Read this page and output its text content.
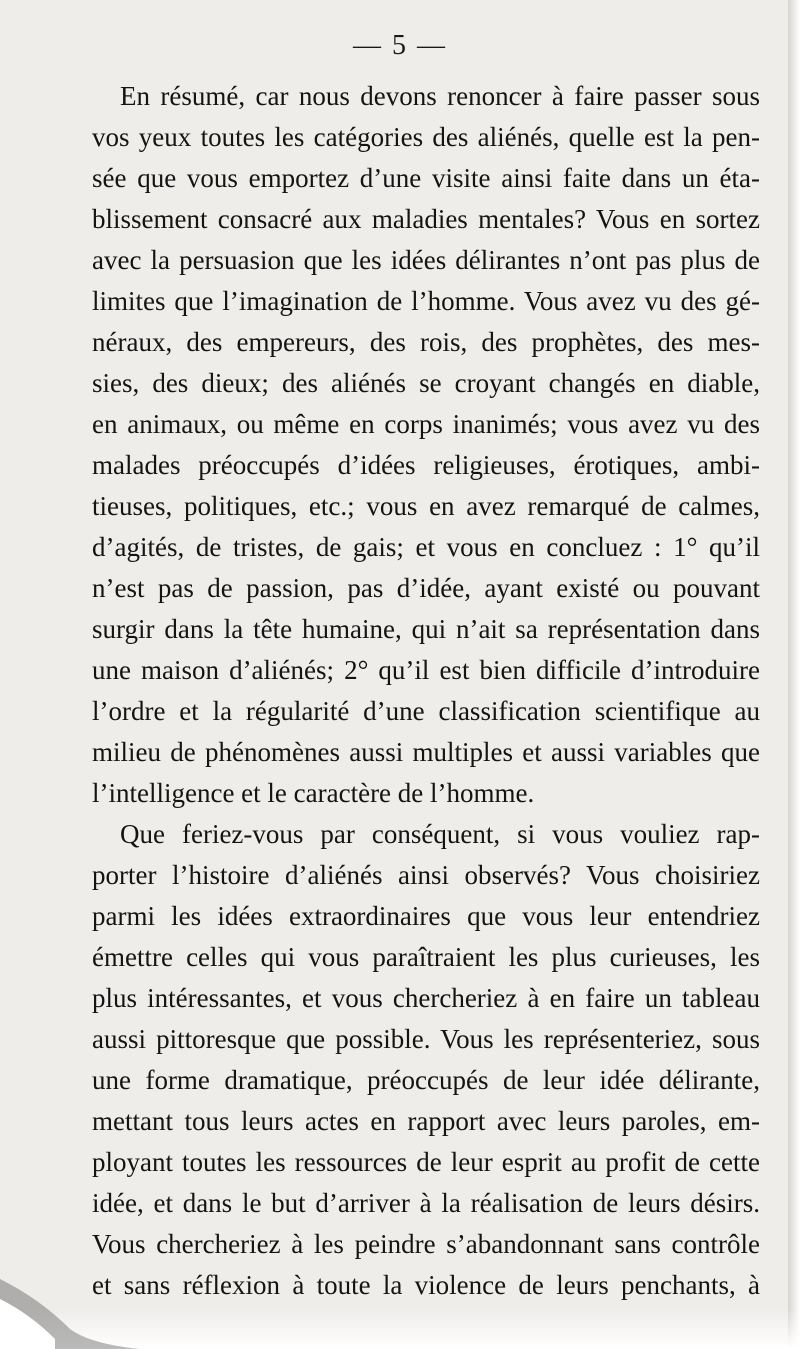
— 5 —
En résumé, car nous devons renoncer à faire passer sous
vos yeux toutes les catégories des aliénés, quelle est la pen-
sée que vous emportez d’une visite ainsi faite dans un éta-
blissement consacré aux maladies mentales? Vous en sortez
avec la persuasion que les idées délirantes n’ont pas plus de
limites que l’imagination de l’homme. Vous avez vu des gé-
néraux, des empereurs, des rois, des prophètes, des mes-
sies, des dieux; des aliénés se croyant changés en diable,
en animaux, ou même en corps inanimés; vous avez vu des
malades préoccupés d’idées religieuses, érotiques, ambi-
tieuses, politiques, etc.; vous en avez remarqué de calmes,
d’agités, de tristes, de gais; et vous en concluez : 1° qu’il
n’est pas de passion, pas d’idée, ayant existé ou pouvant
surgir dans la tête humaine, qui n’ait sa représentation dans
une maison d’aliénés; 2° qu’il est bien difficile d’introduire
l’ordre et la régularité d’une classification scientifique au
milieu de phénomènes aussi multiples et aussi variables que
l’intelligence et le caractère de l’homme.
Que feriez-vous par conséquent, si vous vouliez rap-
porter l’histoire d’aliénés ainsi observés? Vous choisiriez
parmi les idées extraordinaires que vous leur entendriez
émettre celles qui vous paraîtraient les plus curieuses, les
plus intéressantes, et vous chercheriez à en faire un tableau
aussi pittoresque que possible. Vous les représenteriez, sous
une forme dramatique, préoccupés de leur idée délirante,
mettant tous leurs actes en rapport avec leurs paroles, em-
ployant toutes les ressources de leur esprit au profit de cette
idée, et dans le but d’arriver à la réalisation de leurs désirs.
Vous chercheriez à les peindre s’abandonnant sans contrôle
et sans réflexion à toute la violence de leurs penchants, à
